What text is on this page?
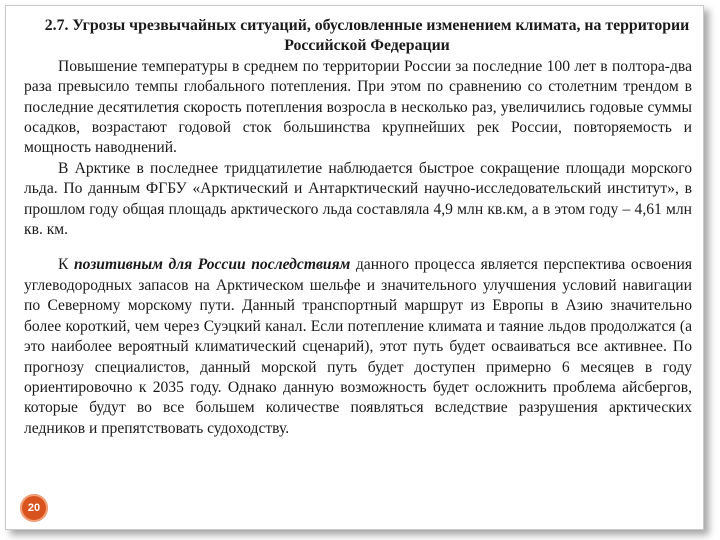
2.7. Угрозы чрезвычайных ситуаций, обусловленные изменением климата, на территории Российской Федерации

Повышение температуры в среднем по территории России за последние 100 лет в полтора-два раза превысило темпы глобального потепления. При этом по сравнению со столетним трендом в последние десятилетия скорость потепления возросла в несколько раз, увеличились годовые суммы осадков, возрастают годовой сток большинства крупнейших рек России, повторяемость и мощность наводнений.

В Арктике в последнее тридцатилетие наблюдается быстрое сокращение площади морского льда. По данным ФГБУ «Арктический и Антарктический научно-исследовательский институт», в прошлом году общая площадь арктического льда составляла 4,9 млн кв.км, а в этом году – 4,61 млн кв. км.

К позитивным для России последствиям данного процесса является перспектива освоения углеводородных запасов на Арктическом шельфе и значительного улучшения условий навигации по Северному морскому пути. Данный транспортный маршрут из Европы в Азию значительно более короткий, чем через Суэцкий канал. Если потепление климата и таяние льдов продолжатся (а это наиболее вероятный климатический сценарий), этот путь будет осваиваться все активнее. По прогнозу специалистов, данный морской путь будет доступен примерно 6 месяцев в году ориентировочно к 2035 году. Однако данную возможность будет осложнить проблема айсбергов, которые будут во все большем количестве появляться вследствие разрушения арктических ледников и препятствовать судоходству.

20
